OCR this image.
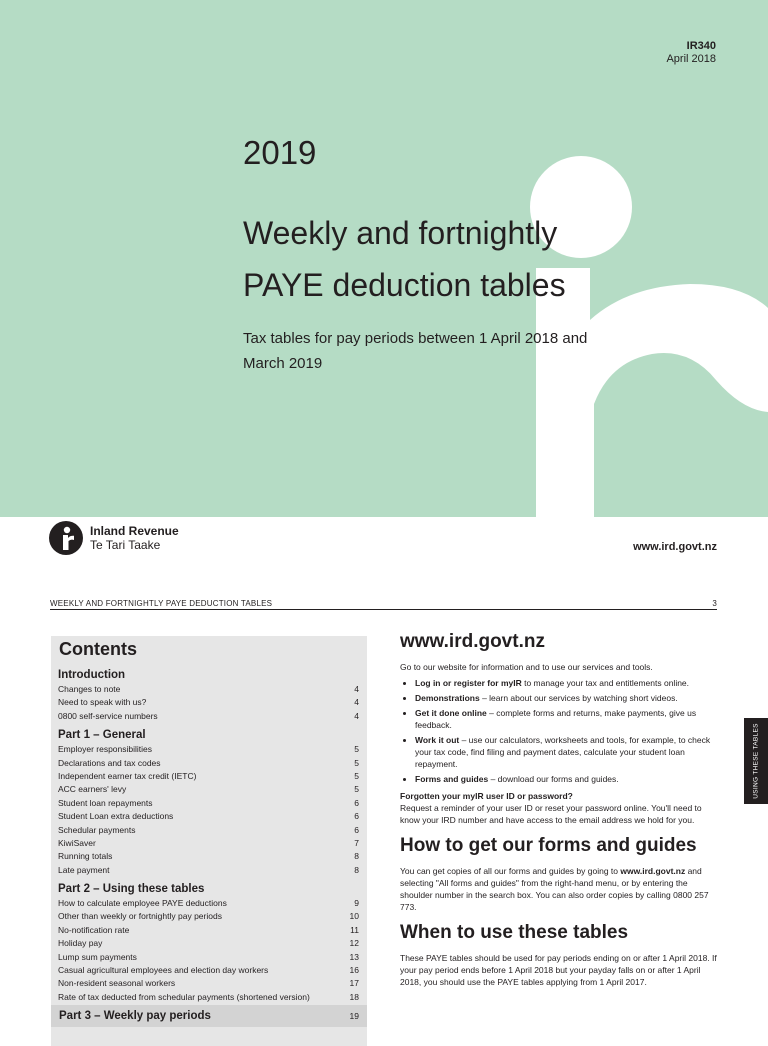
IR340
April 2018
2019
Weekly and fortnightly PAYE deduction tables
Tax tables for pay periods between 1 April 2018 and March 2019
Inland Revenue
Te Tari Taake	www.ird.govt.nz
WEEKLY AND FORTNIGHTLY PAYE DEDUCTION TABLES	3
Contents
Introduction
Changes to note	4
Need to speak with us?	4
0800 self-service numbers	4
Part 1 – General
Employer responsibilities	5
Declarations and tax codes	5
Independent earner tax credit (IETC)	5
ACC earners' levy	5
Student loan repayments	6
Student Loan extra deductions	6
Schedular payments	6
KiwiSaver	7
Running totals	8
Late payment	8
Part 2 – Using these tables
How to calculate employee PAYE deductions	9
Other than weekly or fortnightly pay periods	10
No-notification rate	11
Holiday pay	12
Lump sum payments	13
Casual agricultural employees and election day workers	16
Non-resident seasonal workers	17
Rate of tax deducted from schedular payments (shortened version)	18
Part 3 – Weekly pay periods	19
www.ird.govt.nz

Go to our website for information and to use our services and tools.

• Log in or register for myIR to manage your tax and entitlements online.
• Demonstrations – learn about our services by watching short videos.
• Get it done online – complete forms and returns, make payments, give us feedback.
• Work it out – use our calculators, worksheets and tools, for example, to check your tax code, find filing and payment dates, calculate your student loan repayment.
• Forms and guides – download our forms and guides.
Forgotten your myIR user ID or password?

Request a reminder of your user ID or reset your password online. You'll need to know your IRD number and have access to the email address we hold for you.

How to get our forms and guides

You can get copies of all our forms and guides by going to www.ird.govt.nz and selecting "All forms and guides" from the right-hand menu, or by entering the shoulder number in the search box. You can also order copies by calling 0800 257 773.

When to use these tables

These PAYE tables should be used for pay periods ending on or after 1 April 2018. If your pay period ends before 1 April 2018 but your payday falls on or after 1 April 2018, you should use the PAYE tables applying from 1 April 2017.

USING THESE TABLES
